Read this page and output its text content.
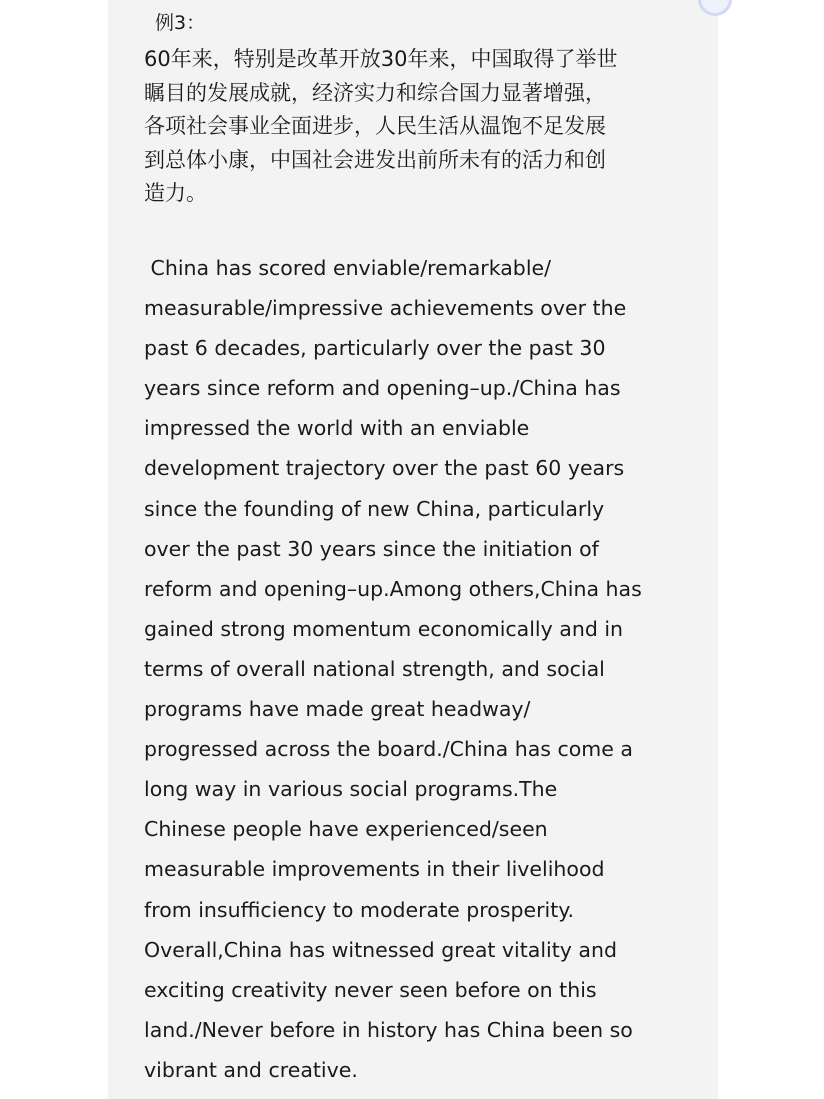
例3：
60年来，特别是改革开放30年来，中国取得了举世
瞩目的发展成就，经济实力和综合国力显著增强，
各项社会事业全面进步，人民生活从温饱不足发展
到总体小康，中国社会进发出前所未有的活力和创
造力。
China has scored enviable/remarkable/
measurable/impressive achievements over the
past 6 decades, particularly over the past 30
years since reform and opening–up./China has
impressed the world with an enviable
development trajectory over the past 60 years
since the founding of new China, particularly
over the past 30 years since the initiation of
reform and opening–up.Among others,China has
gained strong momentum economically and in
terms of overall national strength, and social
programs have made great headway/
progressed across the board./China has come a
long way in various social programs.The
Chinese people have experienced/seen
measurable improvements in their livelihood
from insufficiency to moderate prosperity.
Overall,China has witnessed great vitality and
exciting creativity never seen before on this
land./Never before in history has China been so
vibrant and creative.
